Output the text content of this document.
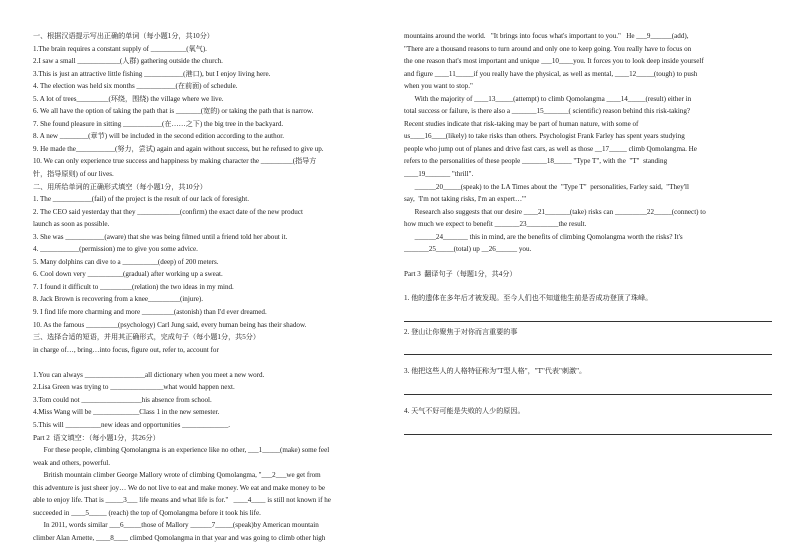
一、根据汉语提示写出正确的单词（每小题1分，共10分）
1.The brain requires a constant supply of __________(氧气).
2.I saw a small ____________(人群) gathering outside the church.
3.This is just an attractive little fishing ___________(港口), but I enjoy living here.
4. The election was held six months ___________(在前面) of schedule.
5. A lot of trees_________(环绕，围绕) the village where we live.
6. We all have the option of taking the path that is _______(宽的) or taking the path that is narrow.
7. She found pleasure in sitting ___________(在……之下) the big tree in the backyard.
8. A new ________(章节) will be included in the second edition according to the author.
9. He made the___________(努力，尝试) again and again without success, but he refused to give up.
10. We can only experience true success and happiness by making character the _________(指导方
针，指导原则) of our lives.
二、用所给单词的正确形式填空（每小题1分，共10分）
1. The ___________(fail) of the project is the result of our lack of foresight.
2. The CEO said yesterday that they ____________(confirm) the exact date of the new product
launch as soon as possible.
3. She was ___________(aware) that she was being filmed until a friend told her about it.
4. ___________(permission) me to give you some advice.
5. Many dolphins can dive to a __________(deep) of 200 meters.
6. Cool down very __________(gradual) after working up a sweat.
7. I found it difficult to _________(relation) the two ideas in my mind.
8. Jack Brown is recovering from a knee_________(injure).
9. I find life more charming and more _________(astonish) than I'd ever dreamed.
10. As the famous _________(psychology) Carl Jung said, every human being has their shadow.
三、选择合适的短语，并用其正确形式，完成句子（每小题1分，共5分）
in charge of…, bring…into focus, figure out, refer to, account for

1.You can always _________________all dictionary when you meet a new word.
2.Lisa Green was trying to _______________what would happen next.
3.Tom could not _________________his absence from school.
4.Miss Wang will be _____________Class 1 in the new semester.
5.This will __________new ideas and opportunities _____________.
Part 2  语文填空：（每小题1分，共26分）
For these people, climbing Qomolangma is an experience like no other, ___1_____(make) some feel
weak and others, powerful.
British mountain climber George Mallory wrote of climbing Qomolangma, "___2___we get from
this adventure is just sheer joy… We do not live to eat and make money. We eat and make money to be
able to enjoy life. That is _____3___ life means and what life is for."   ____4____ is still not known if he
succeeded in ____5_____ (reach) the top of Qomolangma before it took his life.
In 2011, words similar ___6_____those of Mallory ______7_____(speak)by American mountain
climber Alan Arnette, ____8____ climbed Qomolangma in that year and was going to climb other high
mountains around the world.   "It brings into focus what's important to you."   He ___9______(add),
"There are a thousand reasons to turn around and only one to keep going. You really have to focus on
the one reason that's most important and unique ___10____you. It forces you to look deep inside yourself
and figure ____11_____if you really have the physical, as well as mental, ____12_____(tough) to push
when you want to stop."
With the majority of ____13_____(attempt) to climb Qomolangma ____14_____(result) either in
total success or failure, is there also a _______15_______( scientific) reason behind this risk-taking?
Recent studies indicate that risk-taking may be part of human nature, with some of
us____16____(likely) to take risks than others. Psychologist Frank Farley has spent years studying
people who jump out of planes and drive fast cars, as well as those __17_____ climb Qomolangma. He
refers to the personalities of these people _______18_____ "Type T", with the  "T"  standing
____19_______ "thrill".
______20_____(speak) to the LA Times about the  "Type T"  personalities, Farley said,  "They'll
say,  'I'm not taking risks, I'm an expert…'"
Research also suggests that our desire ____21_______(take) risks can _________22_____(connect) to
how much we expect to benefit _______23_________the result.
______24_______ this in mind, are the benefits of climbing Qomolangma worth the risks? It's
_______25_____(total) up __26______ you.
Part 3  翻译句子（每题1分，共4分）
1. 他的遗体在多年后才被发现。至今人们也不知道他生前是否成功登顶了珠峰。
2. 登山让你聚焦于对你而言重要的事
3. 他把这些人的人格特征称为"T型人格"，"T"代表"刺激"。
4. 天气不好可能是失败的人少的原因。
